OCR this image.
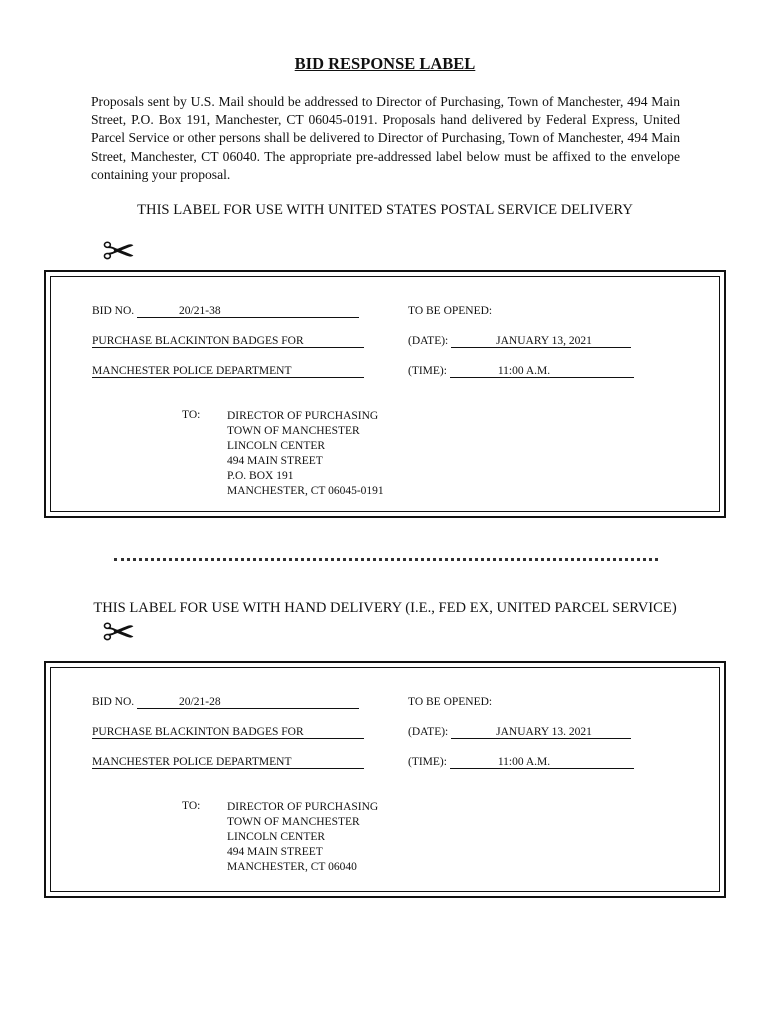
BID RESPONSE LABEL
Proposals sent by U.S. Mail should be addressed to Director of Purchasing, Town of Manchester, 494 Main Street, P.O. Box 191, Manchester, CT 06045-0191. Proposals hand delivered by Federal Express, United Parcel Service or other persons shall be delivered to Director of Purchasing, Town of Manchester, 494 Main Street, Manchester, CT 06040. The appropriate pre-addressed label below must be affixed to the envelope containing your proposal.
THIS LABEL FOR USE WITH UNITED STATES POSTAL SERVICE DELIVERY
✂
BID NO.	20/21-38
PURCHASE BLACKINTON BADGES FOR
MANCHESTER POLICE DEPARTMENT
TO BE OPENED:
(DATE):	JANUARY 13, 2021
(TIME):	11:00 A.M.
TO: DIRECTOR OF PURCHASING
TOWN OF MANCHESTER
LINCOLN CENTER
494 MAIN STREET
P.O. BOX 191
MANCHESTER, CT 06045-0191
THIS LABEL FOR USE WITH HAND DELIVERY (I.E., FED EX, UNITED PARCEL SERVICE)
✂
BID NO.	20/21-28
PURCHASE BLACKINTON BADGES FOR
MANCHESTER POLICE DEPARTMENT
TO BE OPENED:
(DATE):	JANUARY 13. 2021
(TIME):	11:00 A.M.
TO: DIRECTOR OF PURCHASING
TOWN OF MANCHESTER
LINCOLN CENTER
494 MAIN STREET
MANCHESTER, CT 06040
